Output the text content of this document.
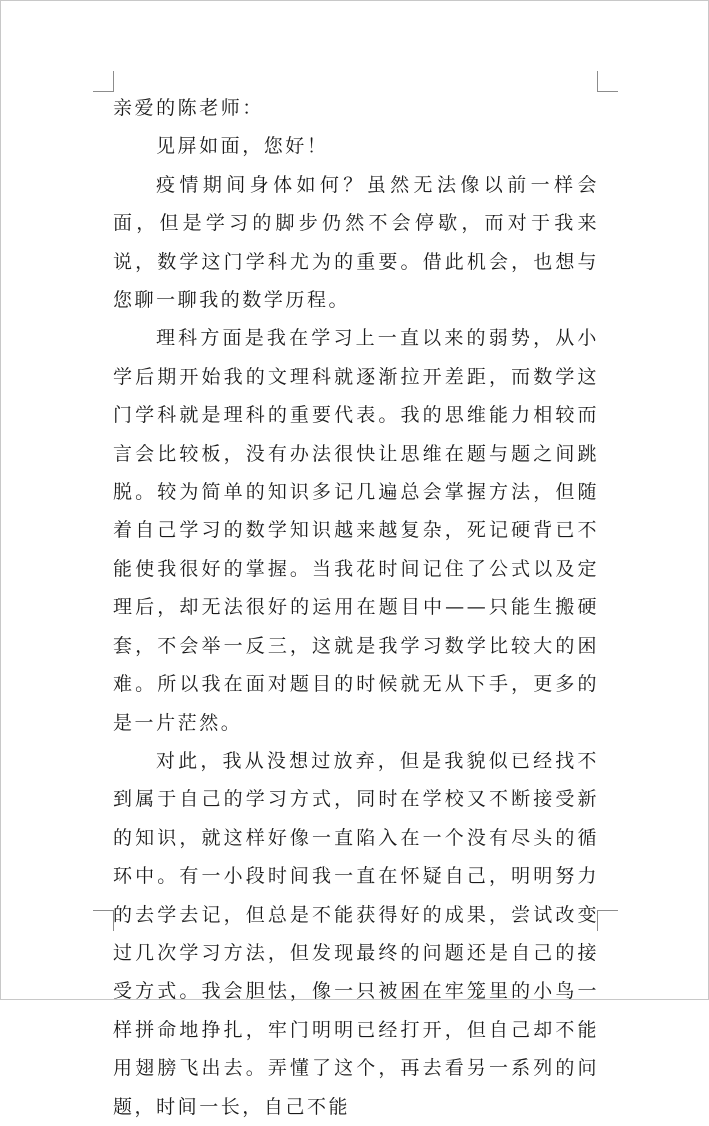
亲爱的陈老师：

见屏如面，您好！

疫情期间身体如何？虽然无法像以前一样会面，但是学习的脚步仍然不会停歇，而对于我来说，数学这门学科尤为的重要。借此机会，也想与您聊一聊我的数学历程。

理科方面是我在学习上一直以来的弱势，从小学后期开始我的文理科就逐渐拉开差距，而数学这门学科就是理科的重要代表。我的思维能力相较而言会比较板，没有办法很快让思维在题与题之间跳脱。较为简单的知识多记几遍总会掌握方法，但随着自己学习的数学知识越来越复杂，死记硬背已不能使我很好的掌握。当我花时间记住了公式以及定理后，却无法很好的运用在题目中——只能生搬硬套，不会举一反三，这就是我学习数学比较大的困难。所以我在面对题目的时候就无从下手，更多的是一片茫然。

对此，我从没想过放弃，但是我貌似已经找不到属于自己的学习方式，同时在学校又不断接受新的知识，就这样好像一直陷入在一个没有尽头的循环中。有一小段时间我一直在怀疑自己，明明努力的去学去记，但总是不能获得好的成果，尝试改变过几次学习方法，但发现最终的问题还是自己的接受方式。我会胆怯，像一只被困在牢笼里的小鸟一样拼命地挣扎，牢门明明已经打开，但自己却不能用翅膀飞出去。弄懂了这个，再去看另一系列的问题，时间一长，自己不能
